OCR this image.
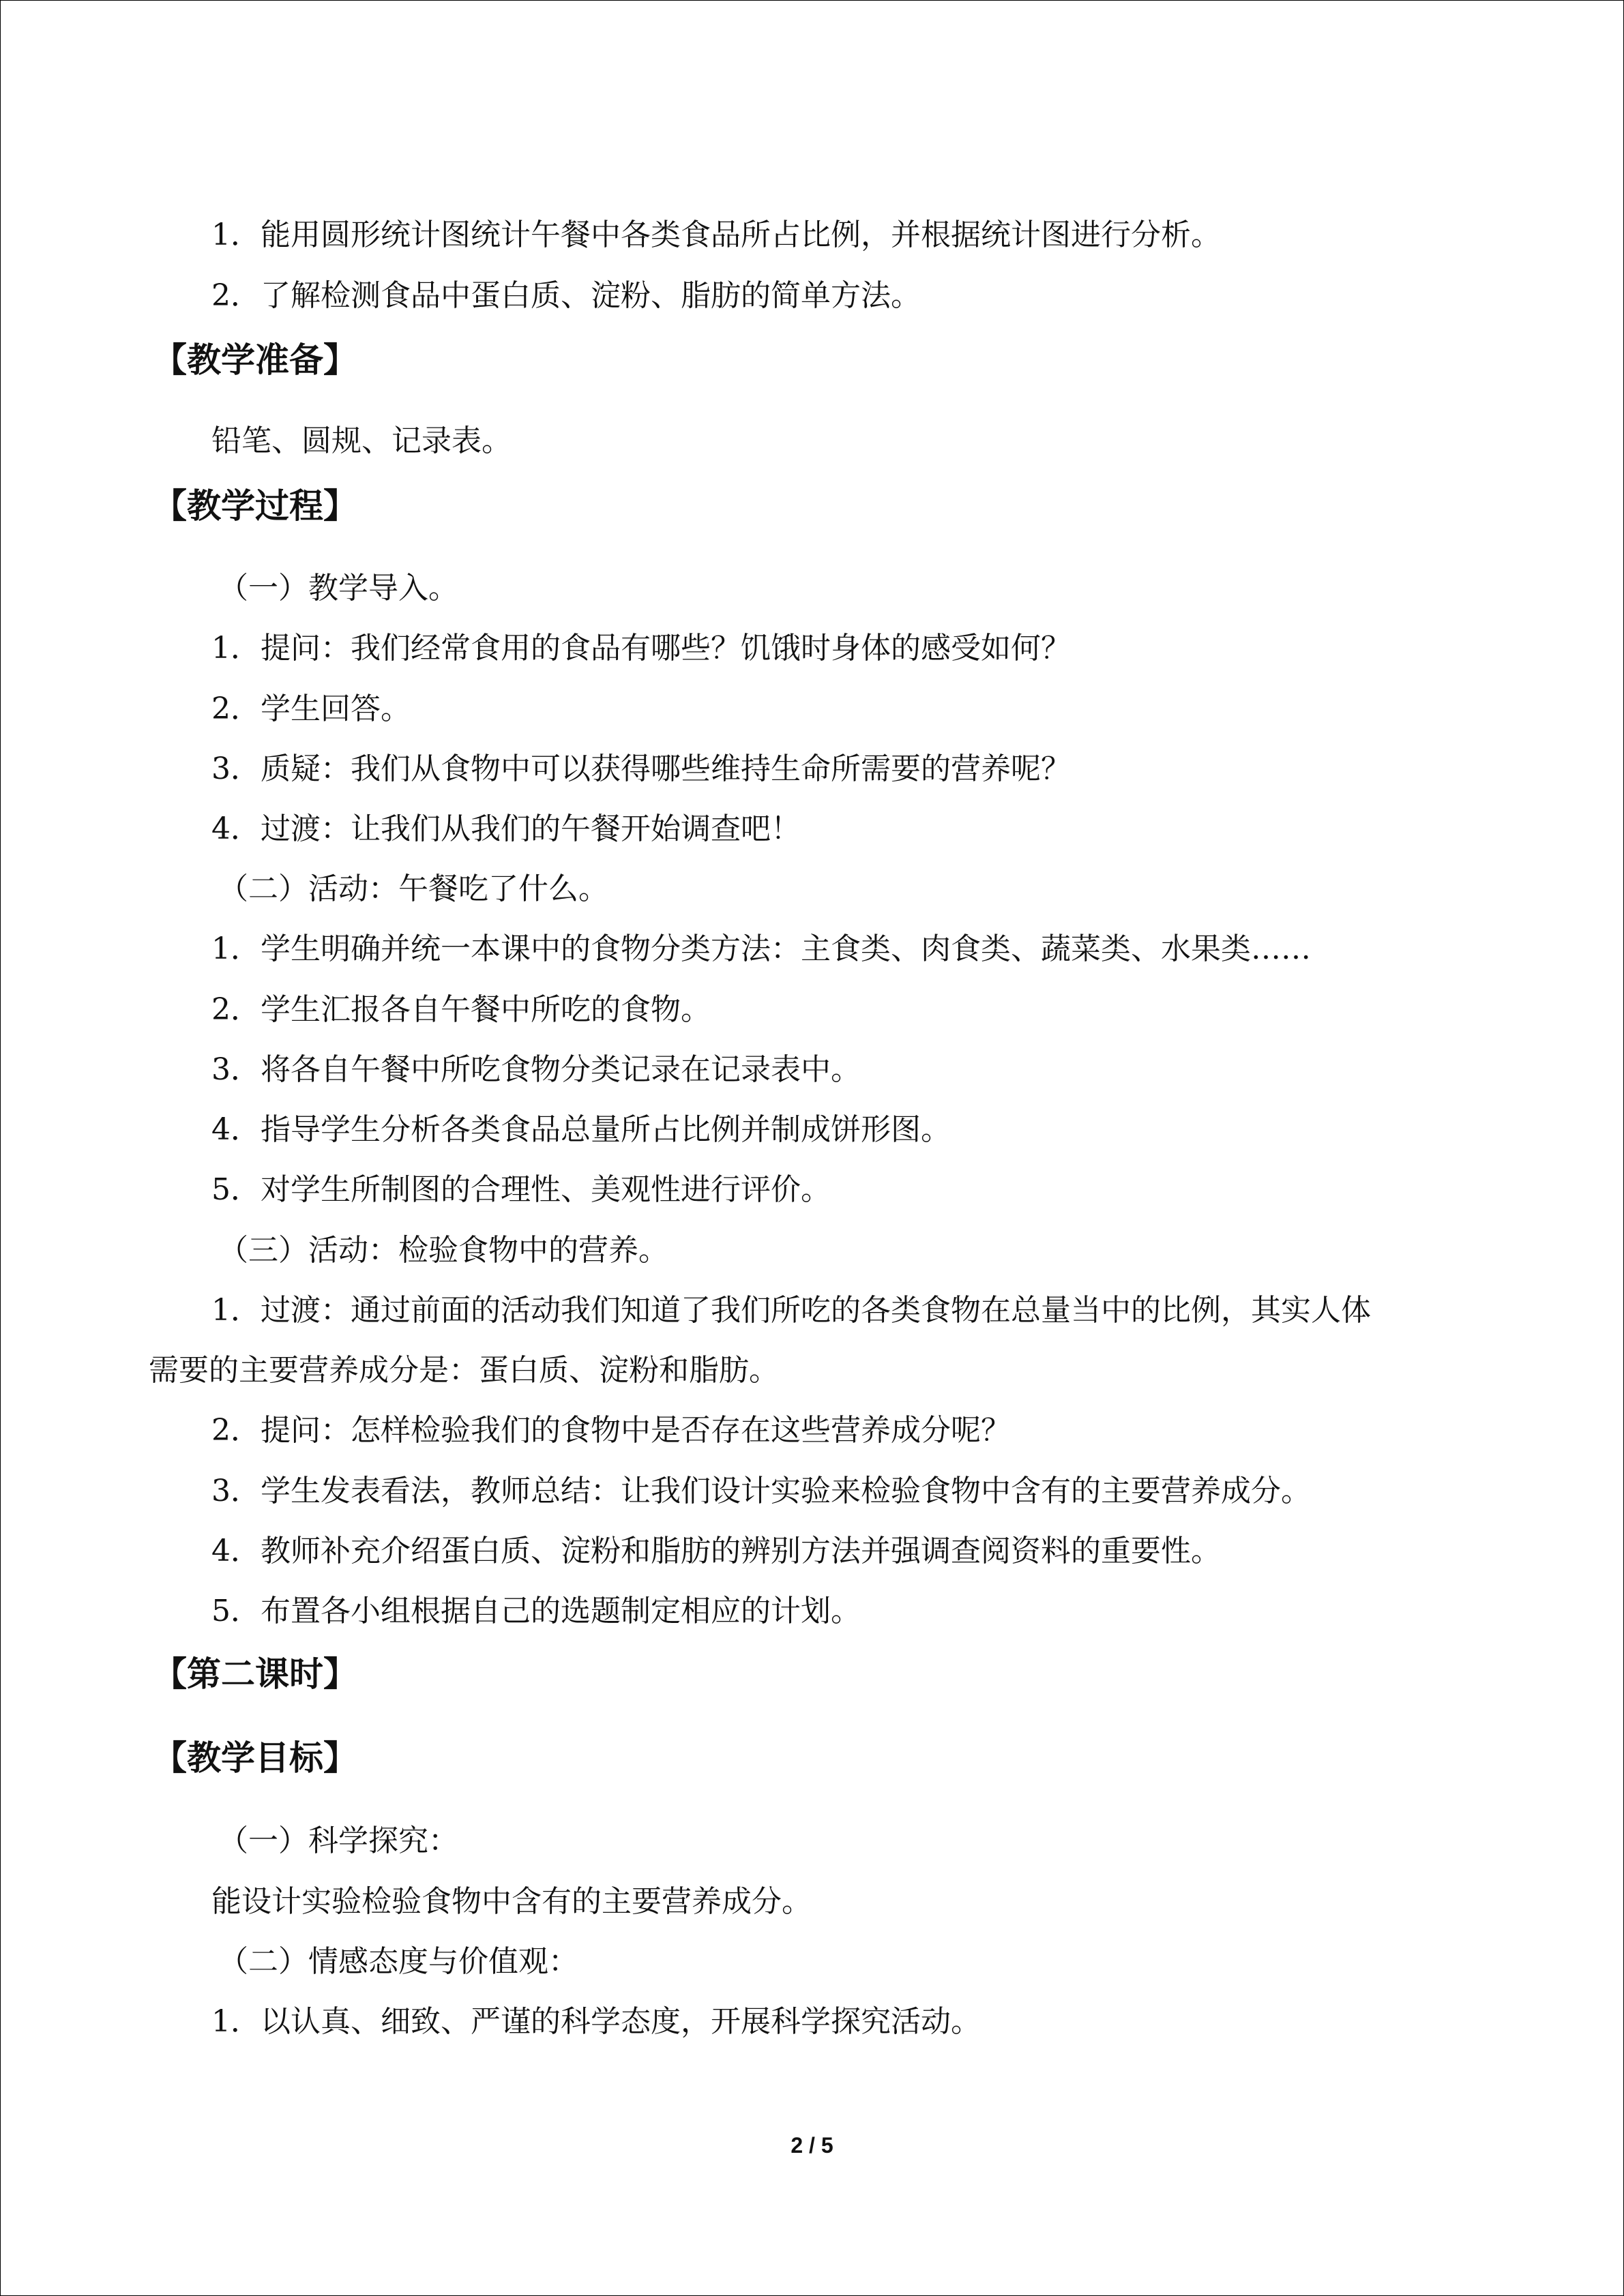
1．能用圆形统计图统计午餐中各类食品所占比例，并根据统计图进行分析。
2．了解检测食品中蛋白质、淀粉、脂肪的简单方法。
【教学准备】
铅笔、圆规、记录表。
【教学过程】
（一）教学导入。
1．提问：我们经常食用的食品有哪些？饥饿时身体的感受如何？
2．学生回答。
3．质疑：我们从食物中可以获得哪些维持生命所需要的营养呢？
4．过渡：让我们从我们的午餐开始调查吧！
（二）活动：午餐吃了什么。
1．学生明确并统一本课中的食物分类方法：主食类、肉食类、蔬菜类、水果类……
2．学生汇报各自午餐中所吃的食物。
3．将各自午餐中所吃食物分类记录在记录表中。
4．指导学生分析各类食品总量所占比例并制成饼形图。
5．对学生所制图的合理性、美观性进行评价。
（三）活动：检验食物中的营养。
1．过渡：通过前面的活动我们知道了我们所吃的各类食物在总量当中的比例，其实人体
需要的主要营养成分是：蛋白质、淀粉和脂肪。
2．提问：怎样检验我们的食物中是否存在这些营养成分呢？
3．学生发表看法，教师总结：让我们设计实验来检验食物中含有的主要营养成分。
4．教师补充介绍蛋白质、淀粉和脂肪的辨别方法并强调查阅资料的重要性。
5．布置各小组根据自己的选题制定相应的计划。
【第二课时】
【教学目标】
（一）科学探究：
能设计实验检验食物中含有的主要营养成分。
（二）情感态度与价值观：
1．以认真、细致、严谨的科学态度，开展科学探究活动。
2 / 5
